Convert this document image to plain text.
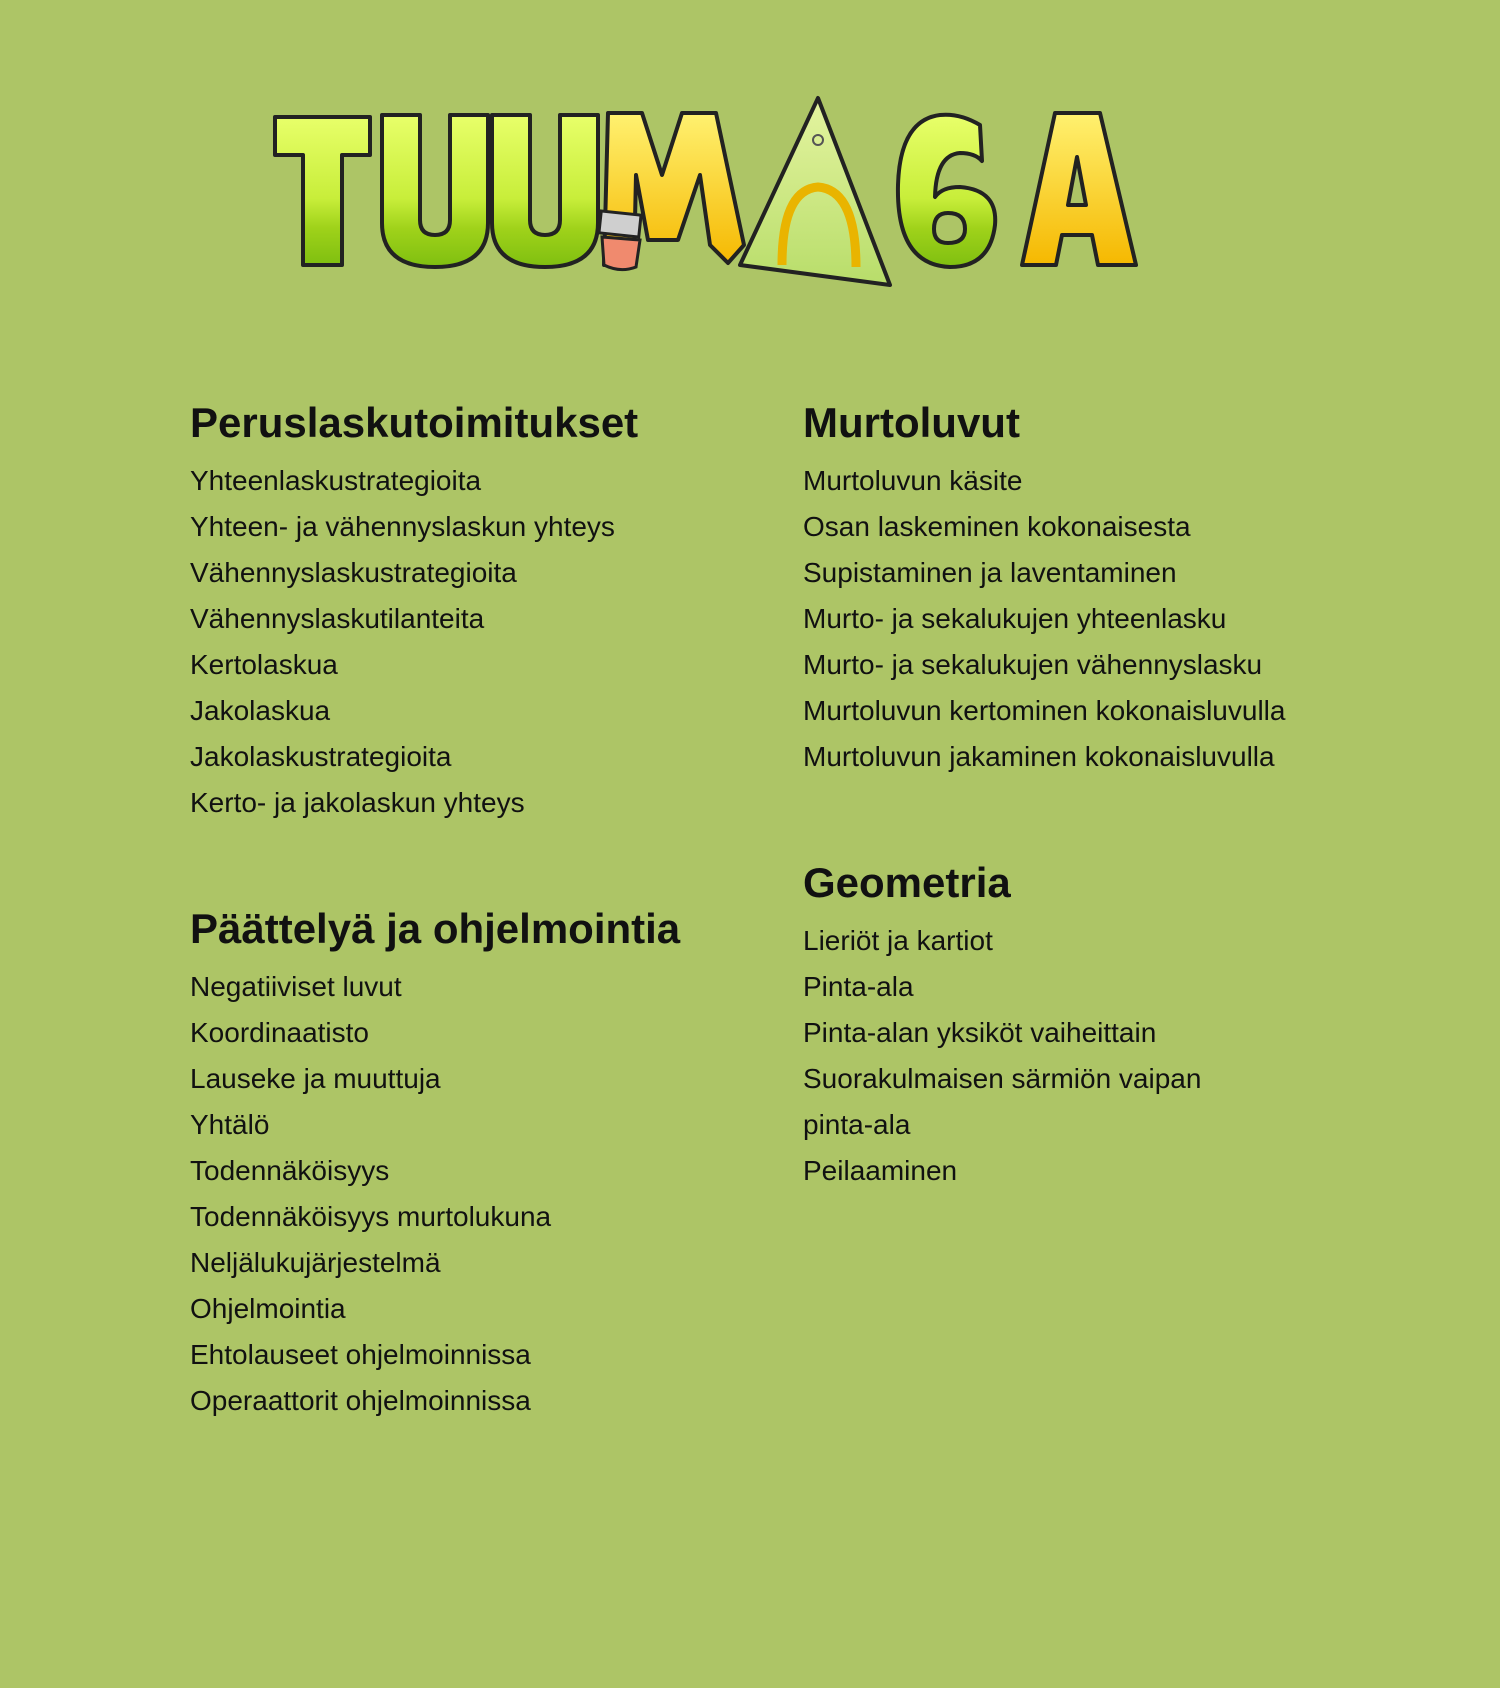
Peruslaskutoimitukset
Yhteenlaskustrategioita
Yhteen- ja vähennyslaskun yhteys
Vähennyslaskustrategioita
Vähennyslaskutilanteita
Kertolaskua
Jakolaskua
Jakolaskustrategioita
Kerto- ja jakolaskun yhteys
Päättelyä ja ohjelmointia
Negatiiviset luvut
Koordinaatisto
Lauseke ja muuttuja
Yhtälö
Todennäköisyys
Todennäköisyys murtolukuna
Neljälukujärjestelmä
Ohjelmointia
Ehtolauseet ohjelmoinnissa
Operaattorit ohjelmoinnissa
Murtoluvut
Murtoluvun käsite
Osan laskeminen kokonaisesta
Supistaminen ja laventaminen
Murto- ja sekalukujen yhteenlasku
Murto- ja sekalukujen vähennyslasku
Murtoluvun kertominen kokonaisluvulla
Murtoluvun jakaminen kokonaisluvulla
Geometria
Lieriöt ja kartiot
Pinta-ala
Pinta-alan yksiköt vaiheittain
Suorakulmaisen särmiön vaipan
pinta-ala
Peilaaminen
